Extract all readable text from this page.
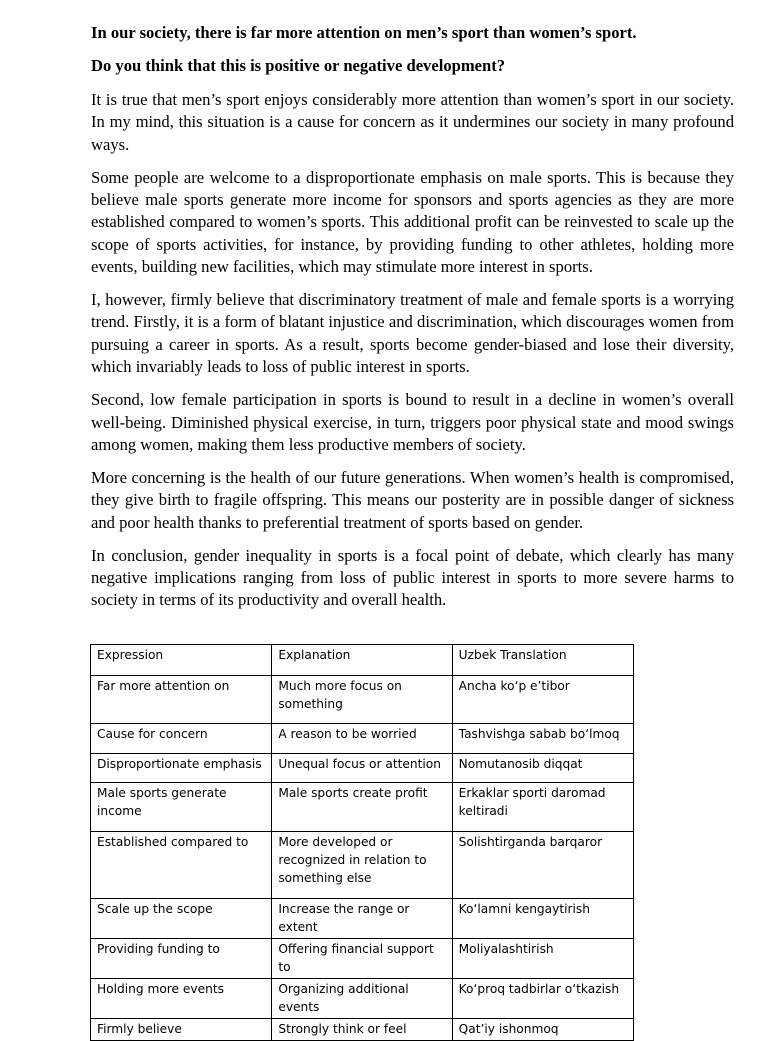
In our society, there is far more attention on men’s sport than women’s sport.
Do you think that this is positive or negative development?

It is true that men’s sport enjoys considerably more attention than women’s sport in our society. In my mind, this situation is a cause for concern as it undermines our society in many profound ways.

Some people are welcome to a disproportionate emphasis on male sports. This is because they believe male sports generate more income for sponsors and sports agencies as they are more established compared to women’s sports. This additional profit can be reinvested to scale up the scope of sports activities, for instance, by providing funding to other athletes, holding more events, building new facilities, which may stimulate more interest in sports.

I, however, firmly believe that discriminatory treatment of male and female sports is a worrying trend. Firstly, it is a form of blatant injustice and discrimination, which discourages women from pursuing a career in sports. As a result, sports become gender-biased and lose their diversity, which invariably leads to loss of public interest in sports.

Second, low female participation in sports is bound to result in a decline in women’s overall well-being. Diminished physical exercise, in turn, triggers poor physical state and mood swings among women, making them less productive members of society.

More concerning is the health of our future generations. When women’s health is compromised, they give birth to fragile offspring. This means our posterity are in possible danger of sickness and poor health thanks to preferential treatment of sports based on gender.

In conclusion, gender inequality in sports is a focal point of debate, which clearly has many negative implications ranging from loss of public interest in sports to more severe harms to society in terms of its productivity and overall health.

Expression	Explanation	Uzbek Translation
Far more attention on	Much more focus on something	Ancha ko‘p e’tibor
Cause for concern	A reason to be worried	Tashvishga sabab bo‘lmoq
Disproportionate emphasis	Unequal focus or attention	Nomutanosib diqqat
Male sports generate income	Male sports create profit	Erkaklar sporti daromad keltiradi
Established compared to	More developed or recognized in relation to something else	Solishtirganda barqaror
Scale up the scope	Increase the range or extent	Ko‘lamni kengaytirish
Providing funding to	Offering financial support to	Moliyalashtirish
Holding more events	Organizing additional events	Ko‘proq tadbirlar o‘tkazish
Firmly believe	Strongly think or feel	Qat’iy ishonmoq
